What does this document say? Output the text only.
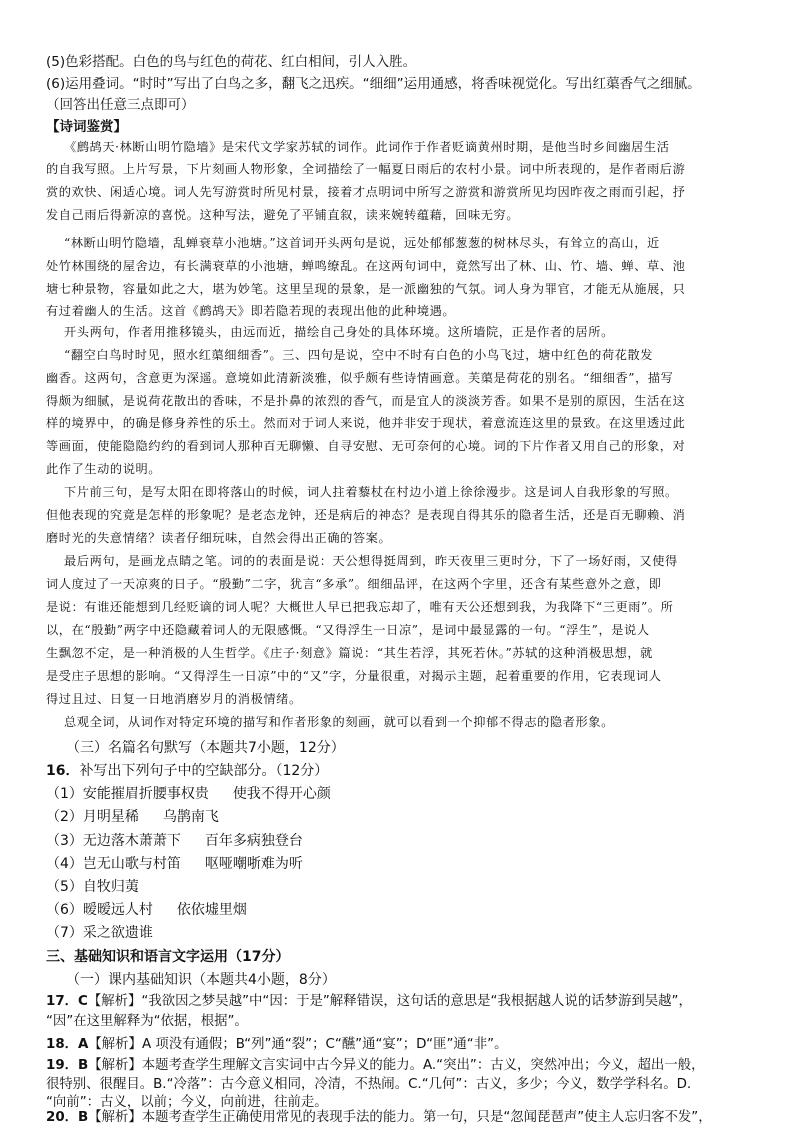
(5)色彩搭配。白色的鸟与红色的荷花、红白相间，引人入胜。
(6)运用叠词。“时时”写出了白鸟之多，翻飞之迅疾。“细细”运用通感，将香味视觉化。写出红蕖香气之细腻。
（回答出任意三点即可）
【诗词鉴赏】
《鹧鸪天·林断山明竹隐墙》是宋代文学家苏轼的词作。此词作于作者贬谪黄州时期，是他当时乡间幽居生活
的自我写照。上片写景，下片刻画人物形象，全词描绘了一幅夏日雨后的农村小景。词中所表现的，是作者雨后游
赏的欢快、闲适心境。词人先写游赏时所见村景，接着才点明词中所写之游赏和游赏所见均因昨夜之雨而引起，抒
发自己雨后得新凉的喜悦。这种写法，避免了平铺直叙，读来婉转蕴藉，回味无穷。
“林断山明竹隐墙，乱蝉衰草小池塘。”这首词开头两句是说，远处郁郁葱葱的树林尽头，有耸立的高山，近
处竹林围绕的屋舍边，有长满衰草的小池塘，蝉鸣缭乱。在这两句词中，竟然写出了林、山、竹、墙、蝉、草、池
塘七种景物，容量如此之大，堪为妙笔。这里呈现的景象，是一派幽独的气氛。词人身为罪官，才能无从施展，只
有过着幽人的生活。这首《鹧鸪天》即若隐若现的表现出他的此种境遇。
开头两句，作者用推移镜头，由远而近，描绘自己身处的具体环境。这所墙院，正是作者的居所。
“翻空白鸟时时见，照水红蕖细细香”。三、四句是说，空中不时有白色的小鸟飞过，塘中红色的荷花散发
幽香。这两句，含意更为深遥。意境如此清新淡雅，似乎颇有些诗情画意。芙蕖是荷花的别名。“细细香”，描写
得颇为细腻，是说荷花散出的香味，不是扑鼻的浓烈的香气，而是宜人的淡淡芳香。如果不是别的原因，生活在这
样的境界中，的确是修身养性的乐土。然而对于词人来说，他并非安于现状，着意流连这里的景致。在这里透过此
等画面，使能隐隐约约的看到词人那种百无聊懒、自寻安慰、无可奈何的心境。词的下片作者又用自己的形象，对
此作了生动的说明。
下片前三句，是写太阳在即将落山的时候，词人拄着藜杖在村边小道上徐徐漫步。这是词人自我形象的写照。
但他表现的究竟是怎样的形象呢？是老态龙钟，还是病后的神态？是表现自得其乐的隐者生活，还是百无聊赖、消
磨时光的失意情绪？读者仔细玩味，自然会得出正确的答案。
最后两句，是画龙点睛之笔。词的的表面是说：天公想得挺周到，昨天夜里三更时分，下了一场好雨，又使得
词人度过了一天凉爽的日子。“殷勤”二字，犹言“多承”。细细品评，在这两个字里，还含有某些意外之意，即
是说：有谁还能想到几经贬谪的词人呢？大概世人早已把我忘却了，唯有天公还想到我，为我降下“三更雨”。所
以，在“殷勤”两字中还隐藏着词人的无限感慨。“又得浮生一日凉”，是词中最显露的一句。“浮生”，是说人
生飘忽不定，是一种消极的人生哲学。《庄子·刻意》篇说：“其生若浮，其死若休。”苏轼的这种消极思想，就
是受庄子思想的影响。“又得浮生一日凉”中的“又”字，分量很重，对揭示主题，起着重要的作用，它表现词人
得过且过、日复一日地消磨岁月的消极情绪。
总观全词，从词作对特定环境的描写和作者形象的刻画，就可以看到一个抑郁不得志的隐者形象。
（三）名篇名句默写（本题共7小题，12分）
16．补写出下列句子中的空缺部分。（12分）
（1）安能摧眉折腰事权贵 使我不得开心颜
（2）月明星稀 乌鹊南飞
（3）无边落木萧萧下 百年多病独登台
（4）岂无山歌与村笛 呕哑嘲哳难为听
（5）自牧归荑
（6）暧暧远人村 依依墟里烟
（7）采之欲遗谁
三、基础知识和语言文字运用（17分）
（一）课内基础知识（本题共4小题，8分）
17．C【解析】“我欲因之梦吴越”中“因：于是”解释错误，这句话的意思是“我根据越人说的话梦游到吴越”，
“因”在这里解释为“依据，根据”。
18．A【解析】A 项没有通假；B“列”通“裂”；C“醼”通“宴”；D“匪”通“非”。
19．B【解析】本题考查学生理解文言实词中古今异义的能力。A.“突出”：古义，突然冲出；今义，超出一般，
很特别、很醒目。B.“冷落”：古今意义相同，冷清，不热闹。C.“几何”：古义，多少；今义，数学学科名。D.
“向前”：古义，以前；今义，向前进，往前走。
20．B【解析】本题考查学生正确使用常见的表现手法的能力。第一句，只是“忽闻琵琶声”使主人忘归客不发”，
